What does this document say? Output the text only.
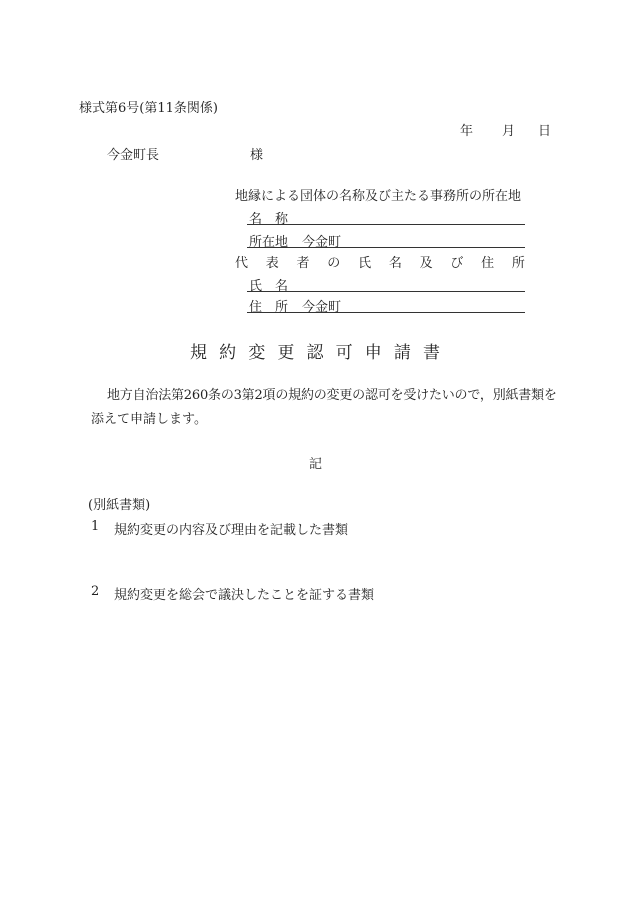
様式第6号(第11条関係)
年 月 日
今金町長	様
地縁による団体の名称及び主たる事務所の所在地
名　称
所在地 今金町
代 表 者 の 氏 名 及 び 住 所
氏　名
住　所 今金町
規 約 変 更 認 可 申 請 書
地方自治法第260条の3第2項の規約の変更の認可を受けたいので，別紙書類を
添えて申請します。
記
(別紙書類)
1 規約変更の内容及び理由を記載した書類
2 規約変更を総会で議決したことを証する書類
